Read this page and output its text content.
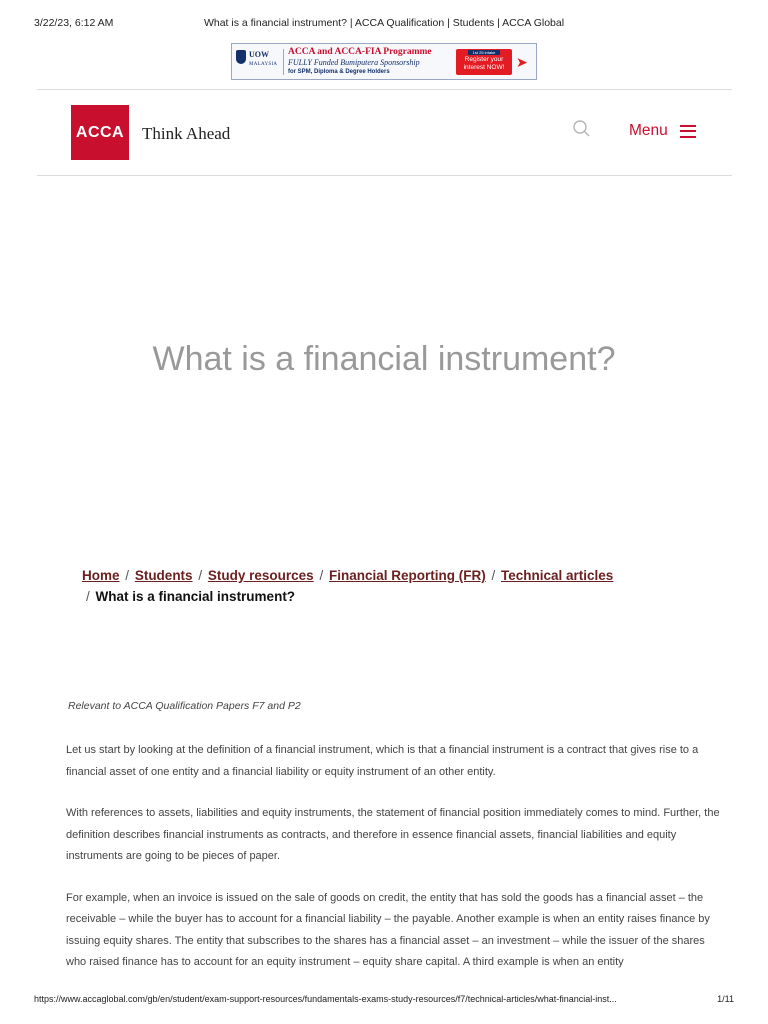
3/22/23, 6:12 AM	What is a financial instrument? | ACCA Qualification | Students | ACCA Global
UOW
MALAYSIA
ACCA and ACCA-FIA Programme
FULLY Funded Bumiputera Sponsorship
for SPM, Diploma & Degree Holders
1st 25 intake
Register your interest NOW! ➤
ACCA Think Ahead	Menu
What is a financial instrument?
Home / Students / Study resources / Financial Reporting (FR) / Technical articles
/ What is a financial instrument?
Relevant to ACCA Qualification Papers F7 and P2

Let us start by looking at the definition of a financial instrument, which is that a financial instrument is a contract that gives rise to a financial asset of one entity and a financial liability or equity instrument of an other entity.

With references to assets, liabilities and equity instruments, the statement of financial position immediately comes to mind. Further, the definition describes financial instruments as contracts, and therefore in essence financial assets, financial liabilities and equity instruments are going to be pieces of paper.

For example, when an invoice is issued on the sale of goods on credit, the entity that has sold the goods has a financial asset – the receivable – while the buyer has to account for a financial liability – the payable. Another example is when an entity raises finance by issuing equity shares. The entity that subscribes to the shares has a financial asset – an investment – while the issuer of the shares who raised finance has to account for an equity instrument – equity share capital. A third example is when an entity

https://www.accaglobal.com/gb/en/student/exam-support-resources/fundamentals-exams-study-resources/f7/technical-articles/what-financial-inst...	1/11
